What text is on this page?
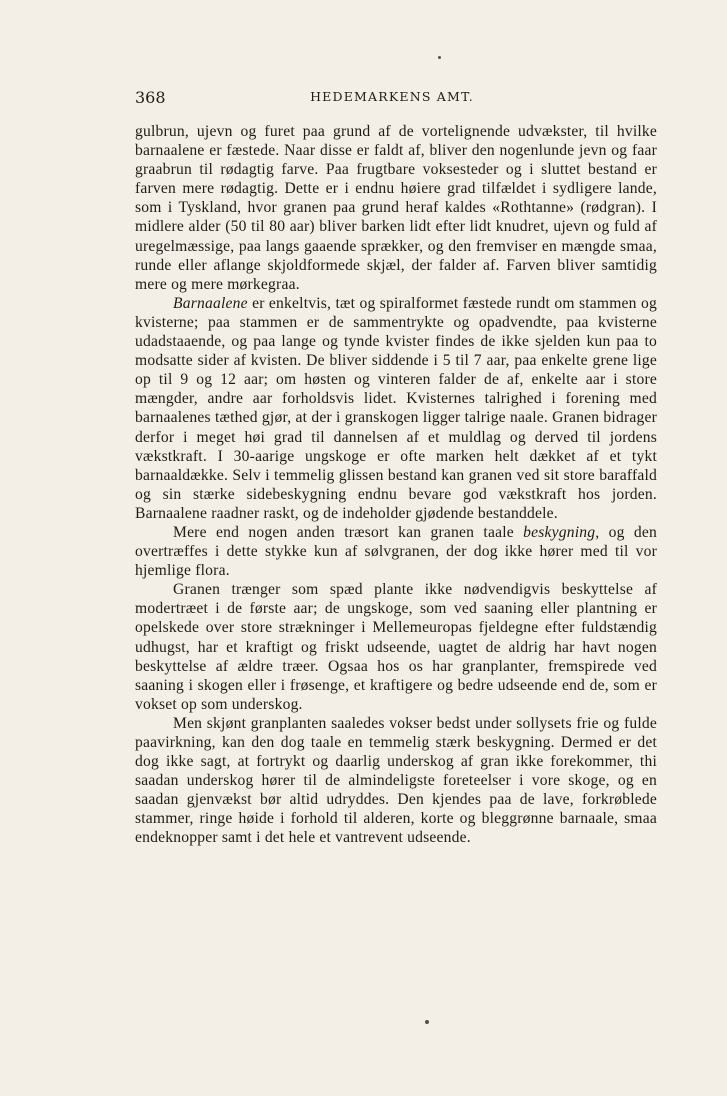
368	HEDEMARKENS AMT.

gulbrun, ujevn og furet paa grund af de vortelignende udvækster, til hvilke barnaalene er fæstede. Naar disse er faldt af, bliver den nogenlunde jevn og faar graabrun til rødagtig farve. Paa frugtbare voksesteder og i sluttet bestand er farven mere rødagtig. Dette er i endnu høiere grad tilfældet i sydligere lande, som i Tyskland, hvor granen paa grund heraf kaldes «Rothtanne» (rødgran). I midlere alder (50 til 80 aar) bliver barken lidt efter lidt knudret, ujevn og fuld af uregelmæssige, paa langs gaaende sprækker, og den fremviser en mængde smaa, runde eller aflange skjoldformede skjæl, der falder af. Farven bliver samtidig mere og mere mørkegraa.

Barnaalene er enkeltvis, tæt og spiralformet fæstede rundt om stammen og kvisterne; paa stammen er de sammentrykte og opadvendte, paa kvisterne udadstaaende, og paa lange og tynde kvister findes de ikke sjelden kun paa to modsatte sider af kvisten. De bliver siddende i 5 til 7 aar, paa enkelte grene lige op til 9 og 12 aar; om høsten og vinteren falder de af, enkelte aar i store mængder, andre aar forholdsvis lidet. Kvisternes talrighed i forening med barnaalenes tæthed gjør, at der i granskogen ligger talrige naale. Granen bidrager derfor i meget høi grad til dannelsen af et muldlag og derved til jordens vækstkraft. I 30-aarige ungskoge er ofte marken helt dækket af et tykt barnaaldække. Selv i temmelig glissen bestand kan granen ved sit store baraffald og sin stærke sidebeskygning endnu bevare god vækstkraft hos jorden. Barnaalene raadner raskt, og de indeholder gjødende bestanddele.

Mere end nogen anden træsort kan granen taale beskygning, og den overtræffes i dette stykke kun af sølvgranen, der dog ikke hører med til vor hjemlige flora.

Granen trænger som spæd plante ikke nødvendigvis beskyttelse af modertræet i de første aar; de ungskoge, som ved saaning eller plantning er opelskede over store strækninger i Mellemeuropas fjeldegne efter fuldstændig udhugst, har et kraftigt og friskt udseende, uagtet de aldrig har havt nogen beskyttelse af ældre træer. Ogsaa hos os har granplanter, fremspirede ved saaning i skogen eller i frøsenge, et kraftigere og bedre udseende end de, som er vokset op som underskog.

Men skjønt granplanten saaledes vokser bedst under sollysets frie og fulde paavirkning, kan den dog taale en temmelig stærk beskygning. Dermed er det dog ikke sagt, at fortrykt og daarlig underskog af gran ikke forekommer, thi saadan underskog hører til de almindeligste foreteelser i vore skoge, og en saadan gjenvækst bør altid udryddes. Den kjendes paa de lave, forkrøblede stammer, ringe høide i forhold til alderen, korte og bleggrønne barnaale, smaa endeknopper samt i det hele et vantrevent udseende.
